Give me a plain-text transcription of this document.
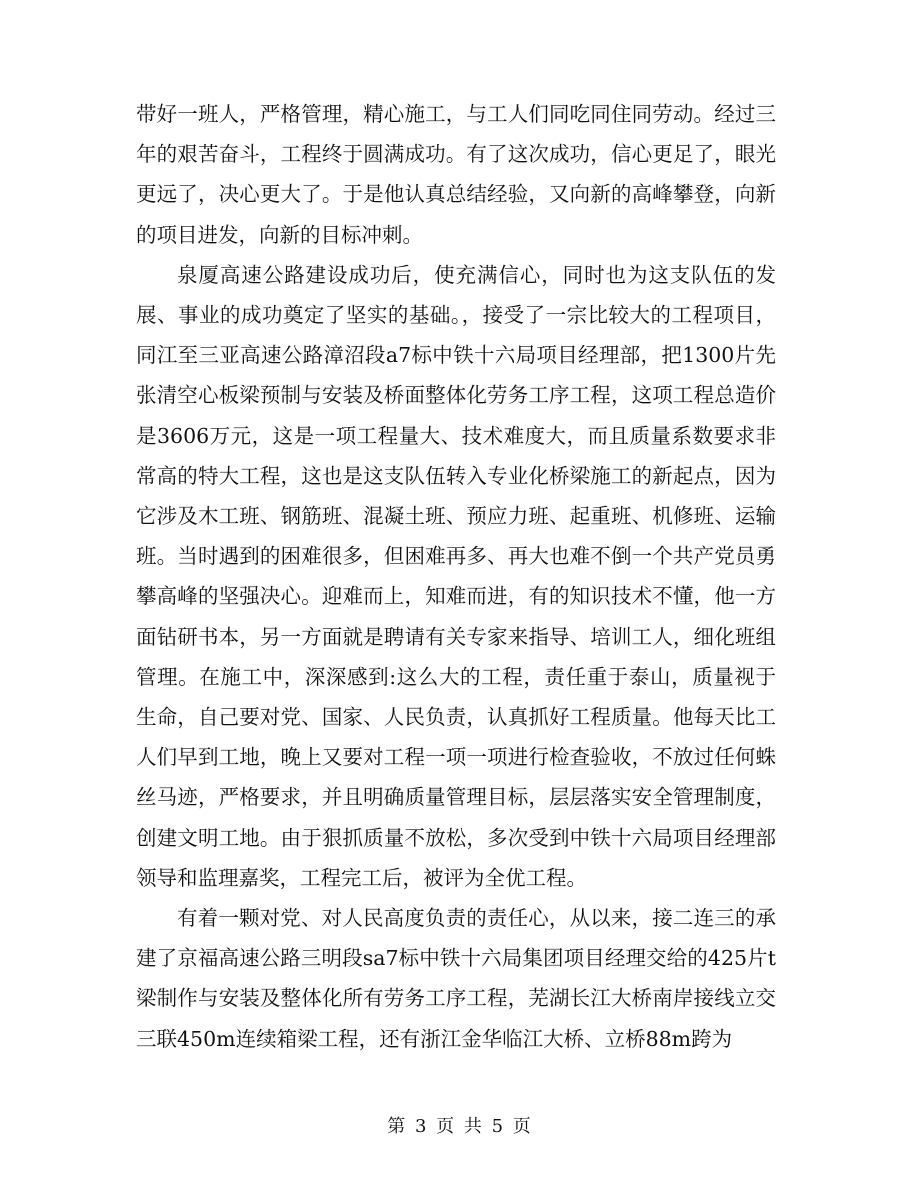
带好一班人，严格管理，精心施工，与工人们同吃同住同劳动。经过三年的艰苦奋斗，工程终于圆满成功。有了这次成功，信心更足了，眼光更远了，决心更大了。于是他认真总结经验，又向新的高峰攀登，向新的项目进发，向新的目标冲刺。

泉厦高速公路建设成功后，使充满信心，同时也为这支队伍的发展、事业的成功奠定了坚实的基础。，接受了一宗比较大的工程项目，同江至三亚高速公路漳沼段a7标中铁十六局项目经理部，把1300片先张清空心板梁预制与安装及桥面整体化劳务工序工程，这项工程总造价是3606万元，这是一项工程量大、技术难度大，而且质量系数要求非常高的特大工程，这也是这支队伍转入专业化桥梁施工的新起点，因为它涉及木工班、钢筋班、混凝土班、预应力班、起重班、机修班、运输班。当时遇到的困难很多，但困难再多、再大也难不倒一个共产党员勇攀高峰的坚强决心。迎难而上，知难而进，有的知识技术不懂，他一方面钻研书本，另一方面就是聘请有关专家来指导、培训工人，细化班组管理。在施工中，深深感到:这么大的工程，责任重于泰山，质量视于生命，自己要对党、国家、人民负责，认真抓好工程质量。他每天比工人们早到工地，晚上又要对工程一项一项进行检查验收，不放过任何蛛丝马迹，严格要求，并且明确质量管理目标，层层落实安全管理制度，创建文明工地。由于狠抓质量不放松，多次受到中铁十六局项目经理部领导和监理嘉奖，工程完工后，被评为全优工程。

有着一颗对党、对人民高度负责的责任心，从以来，接二连三的承建了京福高速公路三明段sa7标中铁十六局集团项目经理交给的425片t梁制作与安装及整体化所有劳务工序工程，芜湖长江大桥南岸接线立交三联450m连续箱梁工程，还有浙江金华临江大桥、立桥88m跨为

第 3 页 共 5 页
